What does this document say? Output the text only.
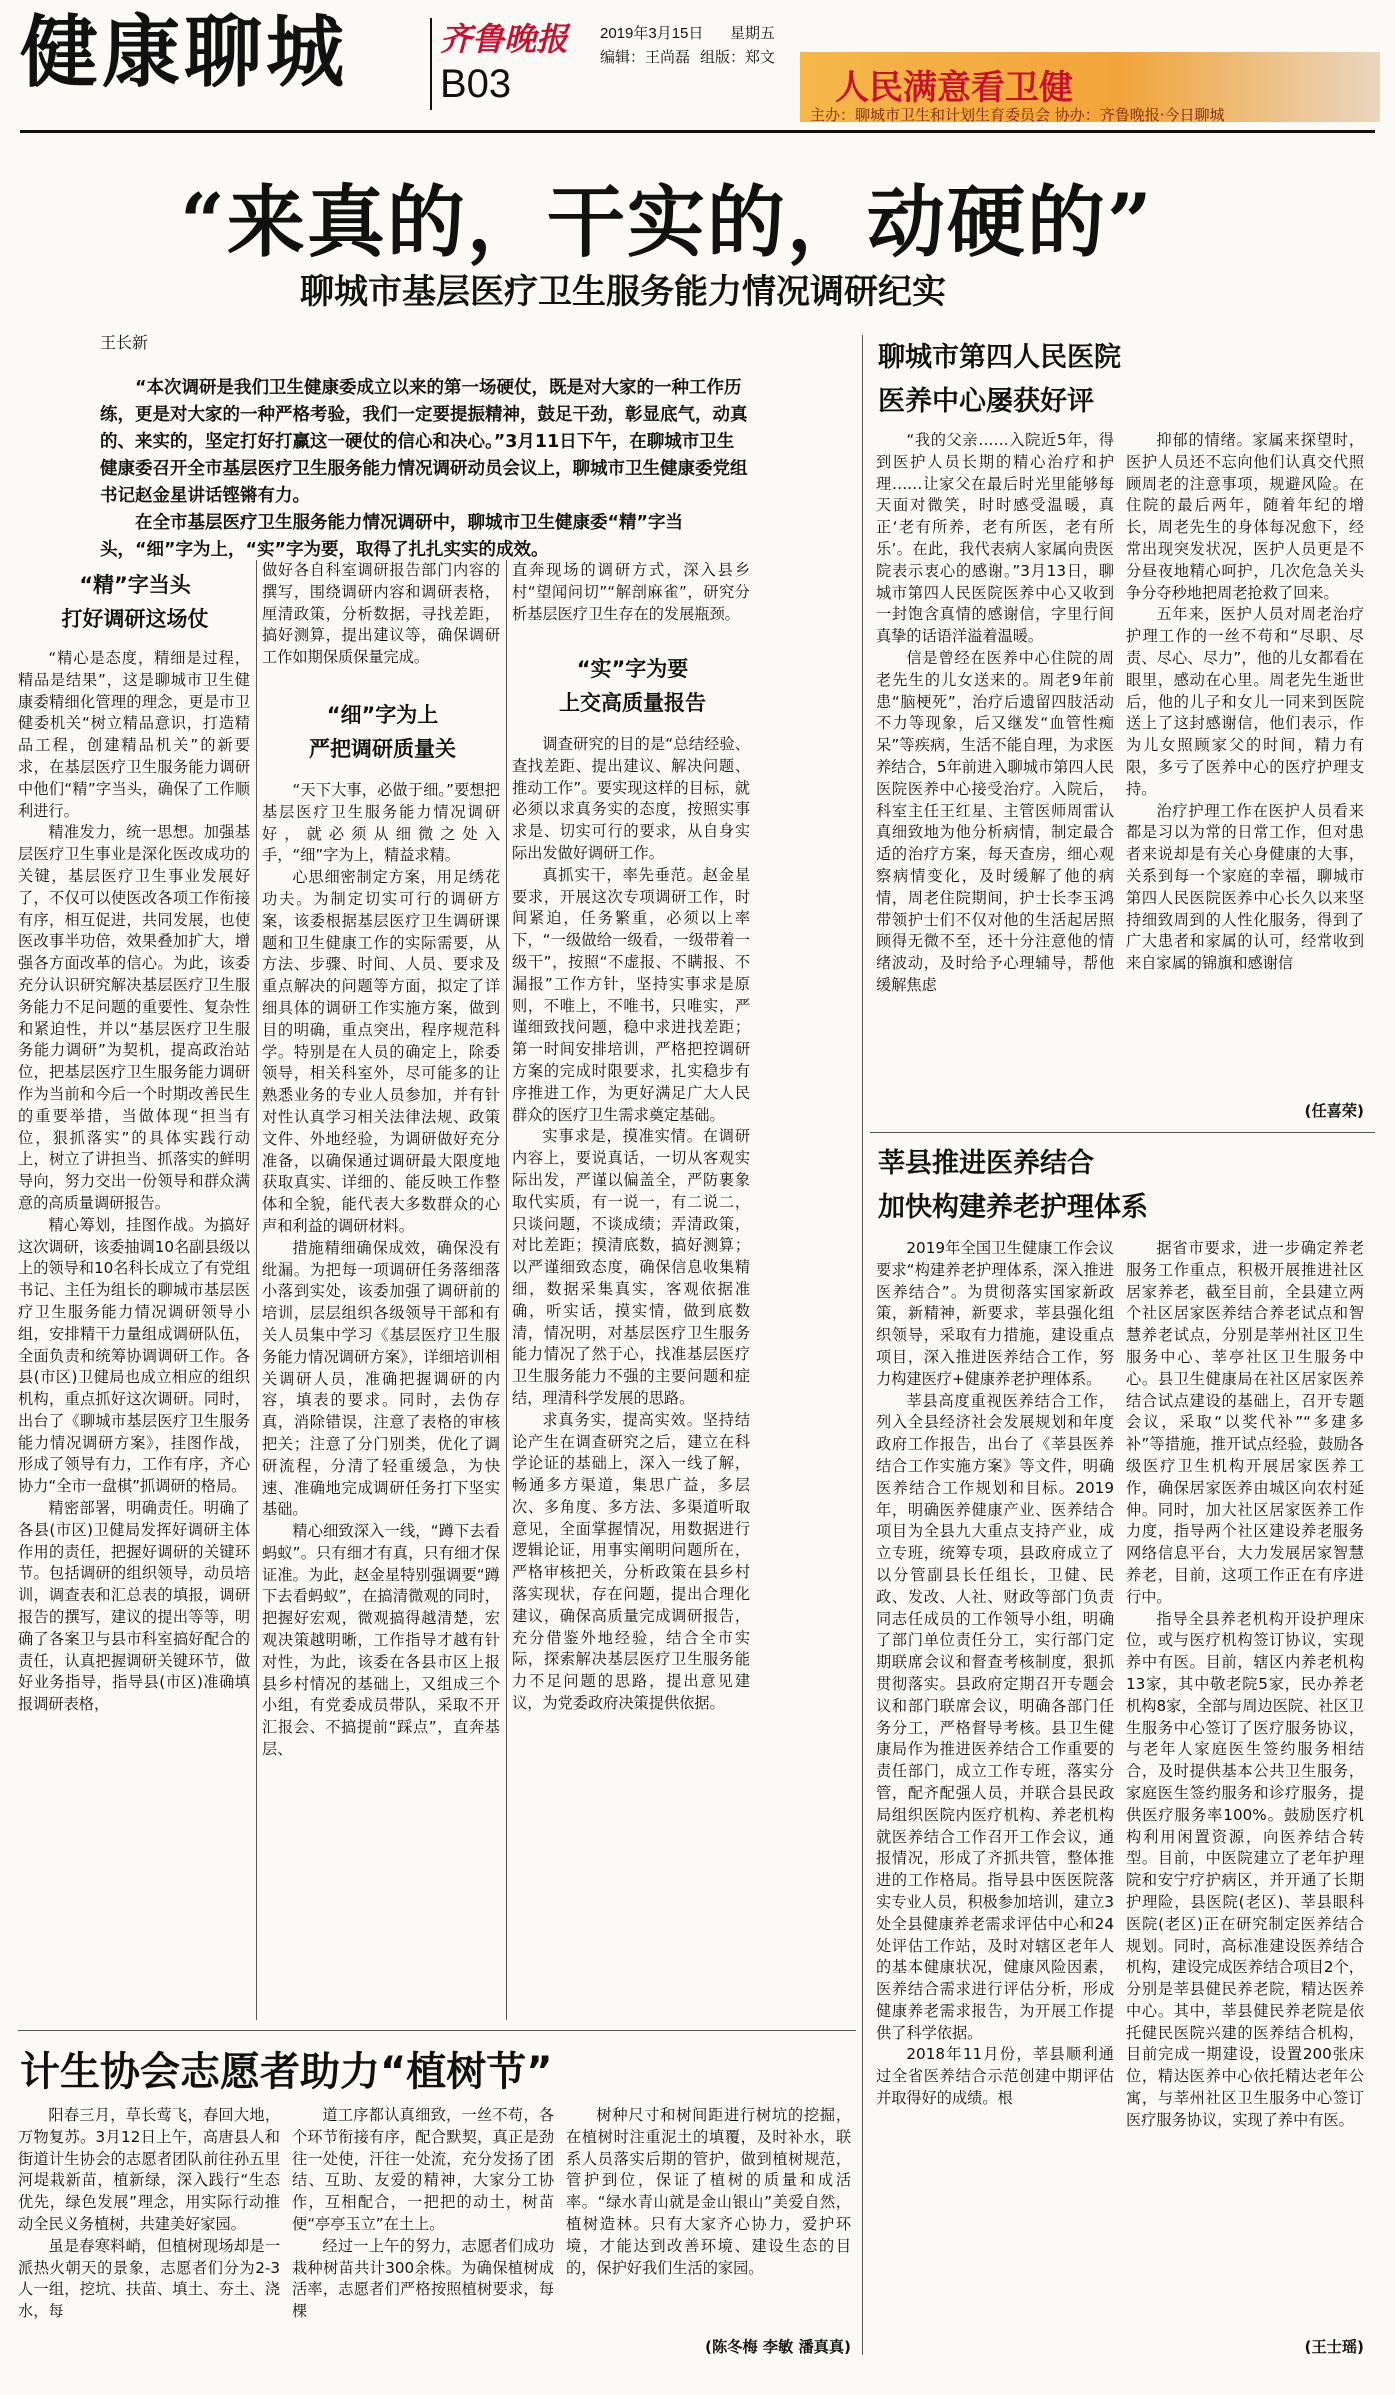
健康聊城	齐鲁晚报
B03
2019年3月15日 星期五
编辑：王尚磊 组版：郑文
人民满意看卫健
主办：聊城市卫生和计划生育委员会 协办：齐鲁晚报·今日聊城
“来真的，干实的，动硬的”
聊城市基层医疗卫生服务能力情况调研纪实
王长新

“本次调研是我们卫生健康委成立以来的第一场硬仗，既是对大家的一种工作历练，更是对大家的一种严格考验，我们一定要提振精神，鼓足干劲，彰显底气，动真的、来实的，坚定打好打赢这一硬仗的信心和决心。”3月11日下午，在聊城市卫生健康委召开全市基层医疗卫生服务能力情况调研动员会议上，聊城市卫生健康委党组书记赵金星讲话铿锵有力。

在全市基层医疗卫生服务能力情况调研中，聊城市卫生健康委“精”字当头，“细”字为上，“实”字为要，取得了扎扎实实的成效。

“精”字当头
打好调研这场仗

“精心是态度，精细是过程，精品是结果”，这是聊城市卫生健康委精细化管理的理念，更是市卫健委机关“树立精品意识，打造精品工程，创建精品机关”的新要求，在基层医疗卫生服务能力调研中他们“精”字当头，确保了工作顺利进行。

精准发力，统一思想。加强基层医疗卫生事业是深化医改成功的关键，基层医疗卫生事业发展好了，不仅可以使医改各项工作衔接有序，相互促进，共同发展，也使医改事半功倍，效果叠加扩大，增强各方面改革的信心。为此，该委充分认识研究解决基层医疗卫生服务能力不足问题的重要性、复杂性和紧迫性，并以“基层医疗卫生服务能力调研”为契机，提高政治站位，把基层医疗卫生服务能力调研作为当前和今后一个时期改善民生的重要举措，当做体现“担当有位，狠抓落实”的具体实践行动上，树立了讲担当、抓落实的鲜明导向，努力交出一份领导和群众满意的高质量调研报告。

精心筹划，挂图作战。为搞好这次调研，该委抽调10名副县级以上的领导和10名科长成立了有党组书记、主任为组长的聊城市基层医疗卫生服务能力情况调研领导小组，安排精干力量组成调研队伍，全面负责和统筹协调调研工作。各县(市区)卫健局也成立相应的组织机构，重点抓好这次调研。同时，出台了《聊城市基层医疗卫生服务能力情况调研方案》，挂图作战，形成了领导有力，工作有序，齐心协力“全市一盘棋”抓调研的格局。

精密部署，明确责任。明确了各县(市区)卫健局发挥好调研主体作用的责任，把握好调研的关键环节。包括调研的组织领导，动员培训，调查表和汇总表的填报，调研报告的撰写，建议的提出等等，明确了各案卫与县市科室搞好配合的责任，认真把握调研关键环节，做好业务指导，指导县(市区)准确填报调研表格，

做好各自科室调研报告部门内容的撰写，围绕调研内容和调研表格，厘清政策，分析数据，寻找差距，搞好测算，提出建议等，确保调研工作如期保质保量完成。

“细”字为上
严把调研质量关

“天下大事，必做于细。”要想把基层医疗卫生服务能力情况调研好，就必须从细微之处入手，“细”字为上，精益求精。

心思细密制定方案，用足绣花功夫。为制定切实可行的调研方案，该委根据基层医疗卫生调研课题和卫生健康工作的实际需要，从方法、步骤、时间、人员、要求及重点解决的问题等方面，拟定了详细具体的调研工作实施方案，做到目的明确，重点突出，程序规范科学。特别是在人员的确定上，除委领导，相关科室外，尽可能多的让熟悉业务的专业人员参加，并有针对性认真学习相关法律法规、政策文件、外地经验，为调研做好充分准备，以确保通过调研最大限度地获取真实、详细的、能反映工作整体和全貌，能代表大多数群众的心声和利益的调研材料。

措施精细确保成效，确保没有纰漏。为把每一项调研任务落细落小落到实处，该委加强了调研前的培训，层层组织各级领导干部和有关人员集中学习《基层医疗卫生服务能力情况调研方案》，详细培训相关调研人员，准确把握调研的内容，填表的要求。同时，去伪存真，消除错误，注意了表格的审核把关；注意了分门别类，优化了调研流程，分清了轻重缓急，为快速、准确地完成调研任务打下坚实基础。

精心细致深入一线，“蹲下去看蚂蚁”。只有细才有真，只有细才保证准。为此，赵金星特别强调要“蹲下去看蚂蚁”，在搞清微观的同时，把握好宏观，微观搞得越清楚，宏观决策越明晰，工作指导才越有针对性，为此，该委在各县市区上报县乡村情况的基础上，又组成三个小组，有党委成员带队，采取不开汇报会、不搞提前“踩点”，直奔基层、

直奔现场的调研方式，深入县乡村“望闻问切”“解剖麻雀”，研究分析基层医疗卫生存在的发展瓶颈。

“实”字为要
上交高质量报告

调查研究的目的是“总结经验、查找差距、提出建议、解决问题、推动工作”。要实现这样的目标，就必须以求真务实的态度，按照实事求是、切实可行的要求，从自身实际出发做好调研工作。

真抓实干，率先垂范。赵金星要求，开展这次专项调研工作，时间紧迫，任务繁重，必须以上率下，“一级做给一级看，一级带着一级干”，按照“不虚报、不瞒报、不漏报”工作方针，坚持实事求是原则，不唯上，不唯书，只唯实，严谨细致找问题，稳中求进找差距；第一时间安排培训，严格把控调研方案的完成时限要求，扎实稳步有序推进工作，为更好满足广大人民群众的医疗卫生需求奠定基础。

实事求是，摸准实情。在调研内容上，要说真话，一切从客观实际出发，严谨以偏盖全，严防裹象取代实质，有一说一，有二说二，只谈问题，不谈成绩；弄清政策，对比差距；摸清底数，搞好测算；以严谨细致态度，确保信息收集精细，数据采集真实，客观依据准确，听实话，摸实情，做到底数清，情况明，对基层医疗卫生服务能力情况了然于心，找准基层医疗卫生服务能力不强的主要问题和症结，理清科学发展的思路。

求真务实，提高实效。坚持结论产生在调查研究之后，建立在科学论证的基础上，深入一线了解，畅通多方渠道，集思广益，多层次、多角度、多方法、多渠道听取意见，全面掌握情况，用数据进行逻辑论证，用事实阐明问题所在，严格审核把关，分析政策在县乡村落实现状，存在问题，提出合理化建议，确保高质量完成调研报告，充分借鉴外地经验，结合全市实际，探索解决基层医疗卫生服务能力不足问题的思路，提出意见建议，为党委政府决策提供依据。

聊城市第四人民医院
医养中心屡获好评

“我的父亲……入院近5年，得到医护人员长期的精心治疗和护理……让家父在最后时光里能够每天面对微笑，时时感受温暖，真正‘老有所养，老有所医，老有所乐’。在此，我代表病人家属向贵医院表示衷心的感谢。”3月13日，聊城市第四人民医院医养中心又收到一封饱含真情的感谢信，字里行间真挚的话语洋溢着温暖。

信是曾经在医养中心住院的周老先生的儿女送来的。周老9年前患“脑梗死”，治疗后遗留四肢活动不力等现象，后又继发“血管性痴呆”等疾病，生活不能自理，为求医养结合，5年前进入聊城市第四人民医院医养中心接受治疗。入院后，科室主任王红星、主管医师周雷认真细致地为他分析病情，制定最合适的治疗方案，每天查房，细心观察病情变化，及时缓解了他的病情，周老住院期间，护士长李玉鸿带领护士们不仅对他的生活起居照顾得无微不至，还十分注意他的情绪波动，及时给予心理辅导，帮他缓解焦虑

抑郁的情绪。家属来探望时，医护人员还不忘向他们认真交代照顾周老的注意事项，规避风险。在住院的最后两年，随着年纪的增长，周老先生的身体每况愈下，经常出现突发状况，医护人员更是不分昼夜地精心呵护，几次危急关头争分夺秒地把周老抢救了回来。

五年来，医护人员对周老治疗护理工作的一丝不苟和“尽职、尽责、尽心、尽力”，他的儿女都看在眼里，感动在心里。周老先生逝世后，他的儿子和女儿一同来到医院送上了这封感谢信，他们表示，作为儿女照顾家父的时间，精力有限，多亏了医养中心的医疗护理支持。

治疗护理工作在医护人员看来都是习以为常的日常工作，但对患者来说却是有关心身健康的大事，关系到每一个家庭的幸福，聊城市第四人民医院医养中心长久以来坚持细致周到的人性化服务，得到了广大患者和家属的认可，经常收到来自家属的锦旗和感谢信

(任喜荣)
莘县推进医养结合
加快构建养老护理体系

2019年全国卫生健康工作会议要求“构建养老护理体系，深入推进医养结合”。为贯彻落实国家新政策，新精神，新要求，莘县强化组织领导，采取有力措施，建设重点项目，深入推进医养结合工作，努力构建医疗+健康养老护理体系。

莘县高度重视医养结合工作，列入全县经济社会发展规划和年度政府工作报告，出台了《莘县医养结合工作实施方案》等文件，明确医养结合工作规划和目标。2019年，明确医养健康产业、医养结合项目为全县九大重点支持产业，成立专班，统筹专项，县政府成立了以分管副县长任组长，卫健、民政、发改、人社、财政等部门负责同志任成员的工作领导小组，明确了部门单位责任分工，实行部门定期联席会议和督查考核制度，狠抓贯彻落实。县政府定期召开专题会议和部门联席会议，明确各部门任务分工，严格督导考核。县卫生健康局作为推进医养结合工作重要的责任部门，成立工作专班，落实分管，配齐配强人员，并联合县民政局组织医院内医疗机构、养老机构就医养结合工作召开工作会议，通报情况，形成了齐抓共管，整体推进的工作格局。指导县中医医院落实专业人员，积极参加培训，建立3处全县健康养老需求评估中心和24处评估工作站，及时对辖区老年人的基本健康状况，健康风险因素，医养结合需求进行评估分析，形成健康养老需求报告，为开展工作提供了科学依据。

2018年11月份，莘县顺利通过全省医养结合示范创建中期评估并取得好的成绩。根

据省市要求，进一步确定养老服务工作重点，积极开展推进社区居家养老，截至目前，全县建立两个社区居家医养结合养老试点和智慧养老试点，分别是莘州社区卫生服务中心、莘亭社区卫生服务中心。县卫生健康局在社区居家医养结合试点建设的基础上，召开专题会议，采取“以奖代补”“多建多补”等措施，推开试点经验，鼓励各级医疗卫生机构开展居家医养工作，确保居家医养由城区向农村延伸。同时，加大社区居家医养工作力度，指导两个社区建设养老服务网络信息平台，大力发展居家智慧养老，目前，这项工作正在有序进行中。

指导全县养老机构开设护理床位，或与医疗机构签订协议，实现养中有医。目前，辖区内养老机构13家，其中敬老院5家，民办养老机构8家，全部与周边医院、社区卫生服务中心签订了医疗服务协议，与老年人家庭医生签约服务相结合，及时提供基本公共卫生服务，家庭医生签约服务和诊疗服务，提供医疗服务率100%。鼓励医疗机构利用闲置资源，向医养结合转型。目前，中医院建立了老年护理院和安宁疗护病区，并开通了长期护理险，县医院(老区)、莘县眼科医院(老区)正在研究制定医养结合规划。同时，高标准建设医养结合机构，建设完成医养结合项目2个，分别是莘县健民养老院，精达医养中心。其中，莘县健民养老院是依托健民医院兴建的医养结合机构，目前完成一期建设，设置200张床位，精达医养中心依托精达老年公寓，与莘州社区卫生服务中心签订医疗服务协议，实现了养中有医。

(王士瑶)
计生协会志愿者助力“植树节”

阳春三月，草长莺飞，春回大地，万物复苏。3月12日上午，高唐县人和街道计生协会的志愿者团队前往孙五里河堤栽新苗，植新绿，深入践行“生态优先，绿色发展”理念，用实际行动推动全民义务植树，共建美好家园。

虽是春寒料峭，但植树现场却是一派热火朝天的景象，志愿者们分为2-3人一组，挖坑、扶苗、填土、夯土、浇水，每

道工序都认真细致，一丝不苟，各个环节衔接有序，配合默契，真正是劲往一处使，汗往一处流，充分发扬了团结、互助、友爱的精神，大家分工协作，互相配合，一把把的动土，树苗便“亭亭玉立”在土上。

经过一上午的努力，志愿者们成功栽种树苗共计300余株。为确保植树成活率，志愿者们严格按照植树要求，每棵

树种尺寸和树间距进行树坑的挖掘，在植树时注重泥土的填覆，及时补水，联系人员落实后期的管护，做到植树规范，管护到位，保证了植树的质量和成活率。“绿水青山就是金山银山”美爱自然，植树造林。只有大家齐心协力，爱护环境，才能达到改善环境、建设生态的目的，保护好我们生活的家园。

(陈冬梅 李敏 潘真真)
